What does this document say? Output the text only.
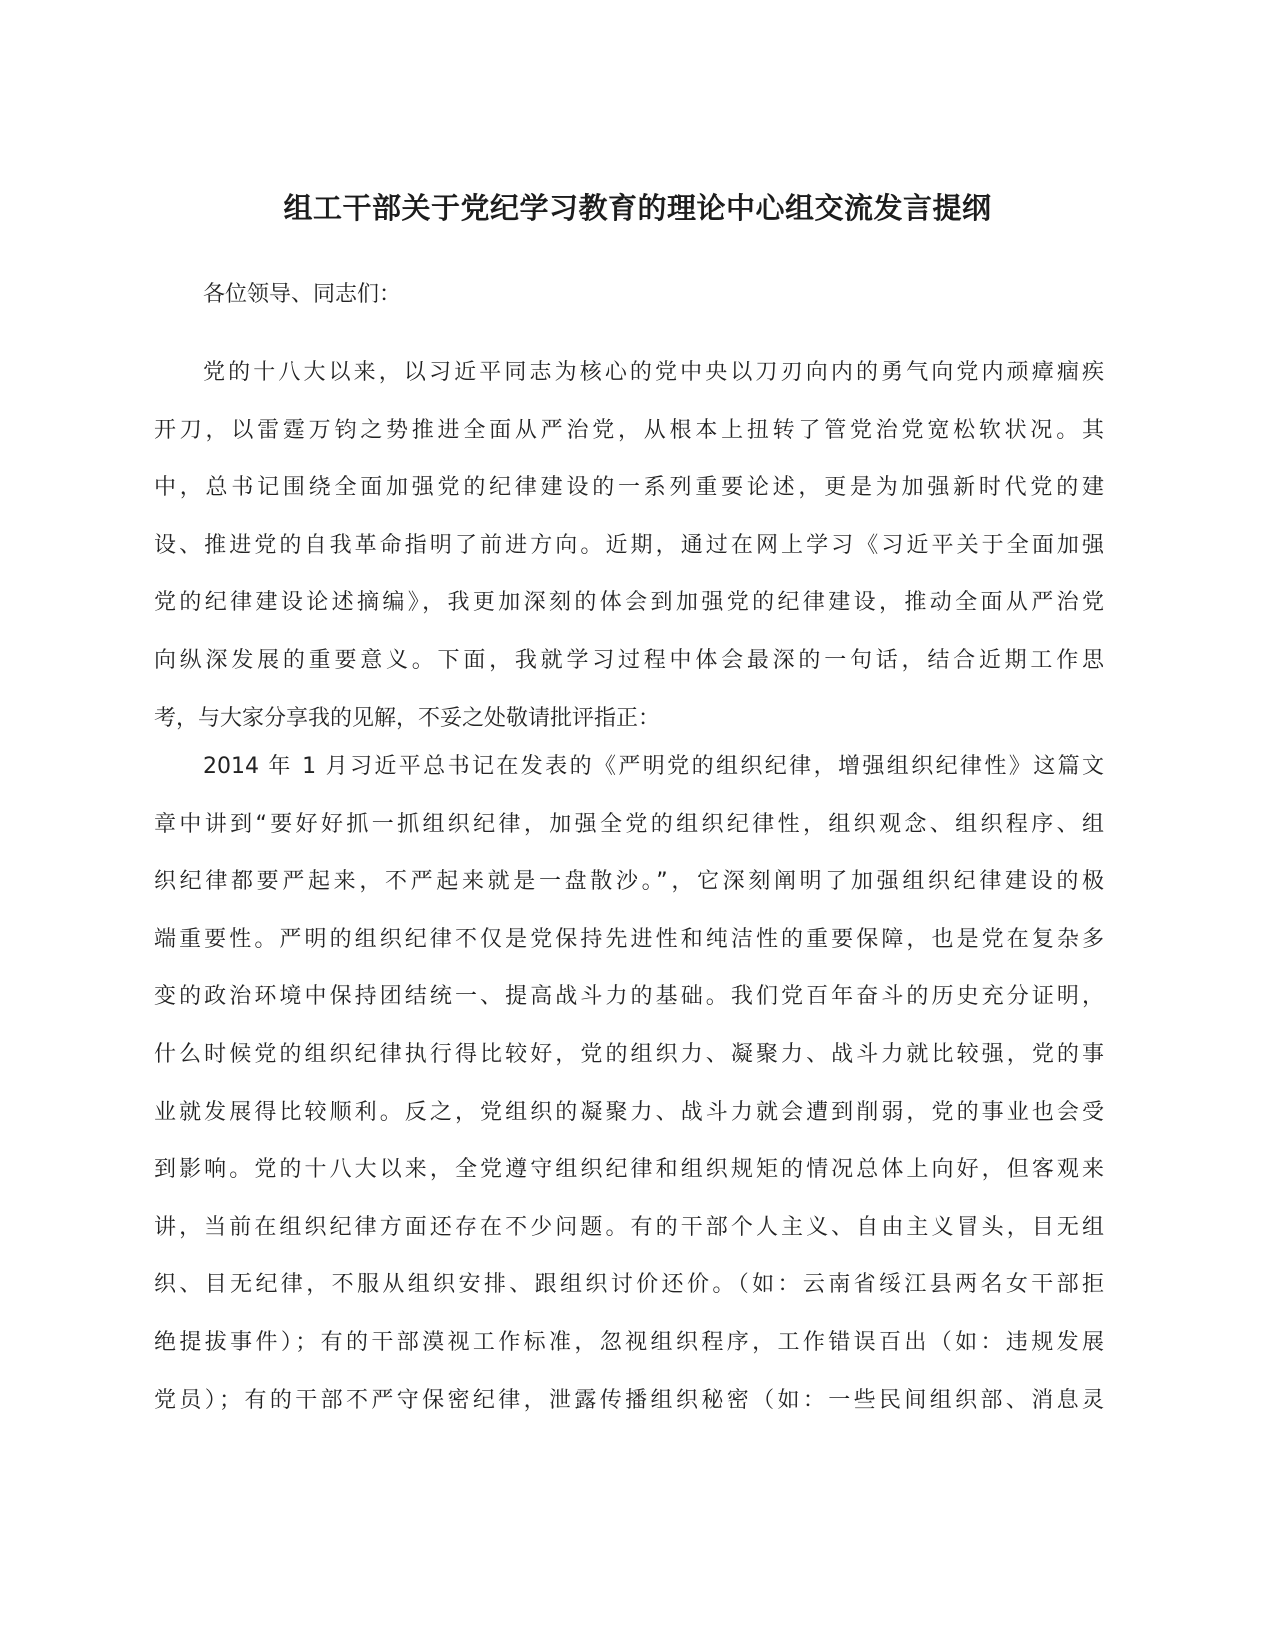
组工干部关于党纪学习教育的理论中心组交流发言提纲

各位领导、同志们：

党的十八大以来，以习近平同志为核心的党中央以刀刃向内的勇气向党内顽瘴痼疾
开刀，以雷霆万钧之势推进全面从严治党，从根本上扭转了管党治党宽松软状况。其
中，总书记围绕全面加强党的纪律建设的一系列重要论述，更是为加强新时代党的建
设、推进党的自我革命指明了前进方向。近期，通过在网上学习《习近平关于全面加强
党的纪律建设论述摘编》，我更加深刻的体会到加强党的纪律建设，推动全面从严治党
向纵深发展的重要意义。下面，我就学习过程中体会最深的一句话，结合近期工作思
考，与大家分享我的见解，不妥之处敬请批评指正：
2014 年 1 月习近平总书记在发表的《严明党的组织纪律，增强组织纪律性》这篇文
章中讲到“要好好抓一抓组织纪律，加强全党的组织纪律性，组织观念、组织程序、组
织纪律都要严起来，不严起来就是一盘散沙。”，它深刻阐明了加强组织纪律建设的极
端重要性。严明的组织纪律不仅是党保持先进性和纯洁性的重要保障，也是党在复杂多
变的政治环境中保持团结统一、提高战斗力的基础。我们党百年奋斗的历史充分证明，
什么时候党的组织纪律执行得比较好，党的组织力、凝聚力、战斗力就比较强，党的事
业就发展得比较顺利。反之，党组织的凝聚力、战斗力就会遭到削弱，党的事业也会受
到影响。党的十八大以来，全党遵守组织纪律和组织规矩的情况总体上向好，但客观来
讲，当前在组织纪律方面还存在不少问题。有的干部个人主义、自由主义冒头，目无组
织、目无纪律，不服从组织安排、跟组织讨价还价。（如：云南省绥江县两名女干部拒
绝提拔事件）；有的干部漠视工作标准，忽视组织程序，工作错误百出（如：违规发展
党员）；有的干部不严守保密纪律，泄露传播组织秘密（如：一些民间组织部、消息灵
